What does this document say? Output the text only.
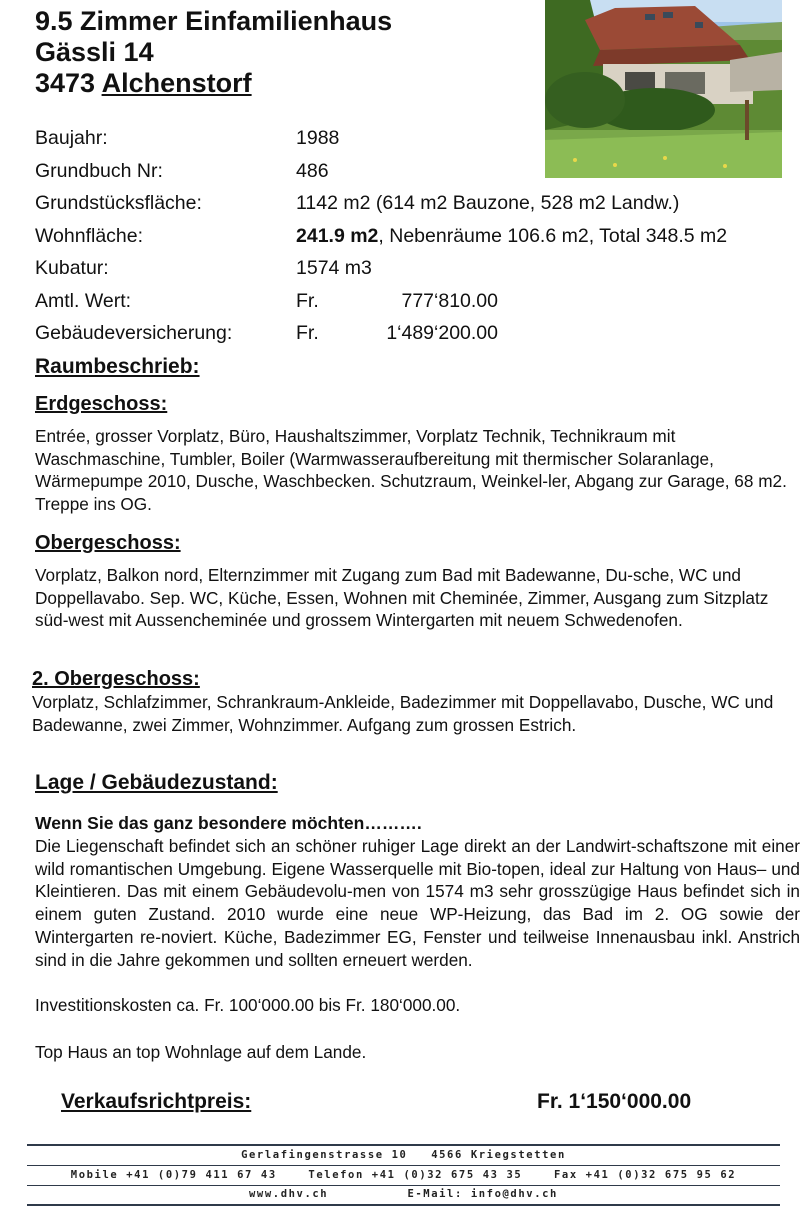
9.5 Zimmer Einfamilienhaus
Gässli 14
3473 Alchenstorf
Baujahr:	1988
Grundbuch Nr:	486
Grundstücksfläche:	1142 m2 (614 m2 Bauzone, 528 m2 Landw.)
Wohnfläche:	241.9 m2, Nebenräume 106.6 m2, Total 348.5 m2
Kubatur:	1574 m3
Amtl. Wert:	Fr.	777‘810.00
Gebäudeversicherung:	Fr.	1‘489‘200.00
Raumbeschrieb:
Erdgeschoss:

Entrée, grosser Vorplatz, Büro, Haushaltszimmer, Vorplatz Technik, Technikraum mit Waschmaschine, Tumbler, Boiler (Warmwasseraufbereitung mit thermischer Solaranlage, Wärmepumpe 2010, Dusche, Waschbecken. Schutzraum, Weinkel-ler, Abgang zur Garage, 68 m2. Treppe ins OG.

Obergeschoss:

Vorplatz, Balkon nord, Elternzimmer mit Zugang zum Bad mit Badewanne, Du-sche, WC und Doppellavabo. Sep. WC, Küche, Essen, Wohnen mit Cheminée, Zimmer, Ausgang zum Sitzplatz süd-west mit Aussencheminée und grossem Wintergarten mit neuem Schwedenofen.

2. Obergeschoss:

Vorplatz, Schlafzimmer, Schrankraum-Ankleide, Badezimmer mit Doppellavabo, Dusche, WC und Badewanne, zwei Zimmer, Wohnzimmer. Aufgang zum grossen Estrich.

Lage / Gebäudezustand:
Wenn Sie das ganz besondere möchten……….

Die Liegenschaft befindet sich an schöner ruhiger Lage direkt an der Landwirt-schaftszone mit einer wild romantischen Umgebung. Eigene Wasserquelle mit Bio-topen, ideal zur Haltung von Haus– und Kleintieren. Das mit einem Gebäudevolu-men von 1574 m3 sehr grosszügige Haus befindet sich in einem guten Zustand. 2010 wurde eine neue WP-Heizung, das Bad im 2. OG sowie der Wintergarten re-noviert. Küche, Badezimmer EG, Fenster und teilweise Innenausbau inkl. Anstrich sind in die Jahre gekommen und sollten erneuert werden.

Investitionskosten ca. Fr. 100‘000.00 bis Fr. 180‘000.00.

Top Haus an top Wohnlage auf dem Lande.

Verkaufsrichtpreis:	Fr. 1‘150‘000.00
Gerlafingenstrasse 10   4566 Kriegstetten
Mobile +41 (0)79 411 67 43    Telefon +41 (0)32 675 43 35    Fax +41 (0)32 675 95 62
www.dhv.ch          E-Mail: info@dhv.ch
